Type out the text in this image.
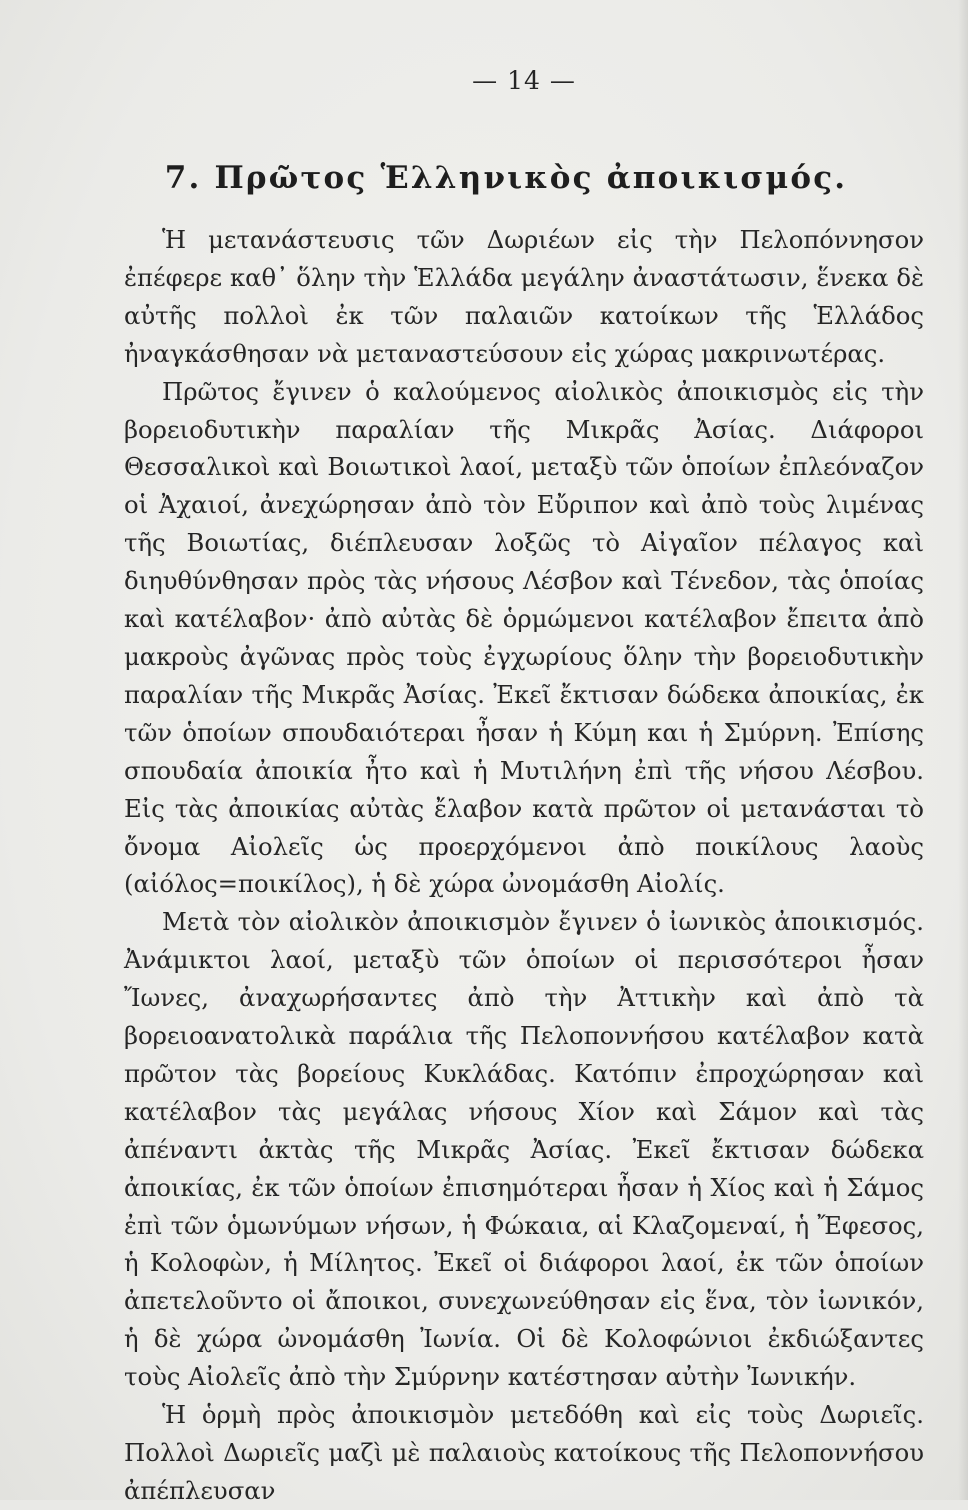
— 14 —
7. Πρῶτος Ἑλληνικὸς ἀποικισμός.

Ἡ μετανάστευσις τῶν Δωριέων εἰς τὴν Πελοπόννησον ἐπέφερε καθ᾽ ὅλην τὴν Ἑλλάδα μεγάλην ἀναστάτωσιν, ἕνεκα δὲ αὐτῆς πολλοὶ ἐκ τῶν παλαιῶν κατοίκων τῆς Ἑλλάδος ἠναγκάσθησαν νὰ μεταναστεύσουν εἰς χώρας μακρινωτέρας.

Πρῶτος ἔγινεν ὁ καλούμενος αἰολικὸς ἀποικισμὸς εἰς τὴν βορειοδυτικὴν παραλίαν τῆς Μικρᾶς Ἀσίας. Διάφοροι Θεσσαλικοὶ καὶ Βοιωτικοὶ λαοί, μεταξὺ τῶν ὁποίων ἐπλεόναζον οἱ Ἀχαιοί, ἀνεχώρησαν ἀπὸ τὸν Εὔριπον καὶ ἀπὸ τοὺς λιμένας τῆς Βοιωτίας, διέπλευσαν λοξῶς τὸ Αἰγαῖον πέλαγος καὶ διηυθύνθησαν πρὸς τὰς νήσους Λέσβον καὶ Τένεδον, τὰς ὁποίας καὶ κατέλαβον· ἀπὸ αὐτὰς δὲ ὁρμώμενοι κατέλαβον ἔπειτα ἀπὸ μακροὺς ἀγῶνας πρὸς τοὺς ἐγχωρίους ὅλην τὴν βορειοδυτικὴν παραλίαν τῆς Μικρᾶς Ἀσίας. Ἐκεῖ ἔκτισαν δώδεκα ἀποικίας, ἐκ τῶν ὁποίων σπουδαιότεραι ἦσαν ἡ Κύμη και ἡ Σμύρνη. Ἐπίσης σπουδαία ἀποικία ἦτο καὶ ἡ Μυτιλήνη ἐπὶ τῆς νήσου Λέσβου. Εἰς τὰς ἀποικίας αὐτὰς ἔλαβον κατὰ πρῶτον οἱ μετανάσται τὸ ὄνομα Αἰολεῖς ὡς προερχόμενοι ἀπὸ ποικίλους λαοὺς (αἰόλος=ποικίλος), ἡ δὲ χώρα ὠνομάσθη Αἰολίς.

Μετὰ τὸν αἰολικὸν ἀποικισμὸν ἔγινεν ὁ ἰωνικὸς ἀποικισμός. Ἀνάμικτοι λαοί, μεταξὺ τῶν ὁποίων οἱ περισσότεροι ἦσαν Ἴωνες, ἀναχωρήσαντες ἀπὸ τὴν Ἀττικὴν καὶ ἀπὸ τὰ βορειοανατολικὰ παράλια τῆς Πελοποννήσου κατέλαβον κατὰ πρῶτον τὰς βορείους Κυκλάδας. Κατόπιν ἐπροχώρησαν καὶ κατέλαβον τὰς μεγάλας νήσους Χίον καὶ Σάμον καὶ τὰς ἀπέναντι ἀκτὰς τῆς Μικρᾶς Ἀσίας. Ἐκεῖ ἔκτισαν δώδεκα ἀποικίας, ἐκ τῶν ὁποίων ἐπισημότεραι ἦσαν ἡ Χίος καὶ ἡ Σάμος ἐπὶ τῶν ὁμωνύμων νήσων, ἡ Φώκαια, αἱ Κλαζομεναί, ἡ Ἔφεσος, ἡ Κολοφὼν, ἡ Μίλητος. Ἐκεῖ οἱ διάφοροι λαοί, ἐκ τῶν ὁποίων ἀπετελοῦντο οἱ ἄποικοι, συνεχωνεύθησαν εἰς ἕνα, τὸν ἰωνικόν, ἡ δὲ χώρα ὠνομάσθη Ἰωνία. Οἱ δὲ Κολοφώνιοι ἐκδιώξαντες τοὺς Αἰολεῖς ἀπὸ τὴν Σμύρνην κατέστησαν αὐτὴν Ἰωνικήν.

Ἡ ὁρμὴ πρὸς ἀποικισμὸν μετεδόθη καὶ εἰς τοὺς Δωριεῖς. Πολλοὶ Δωριεῖς μαζὶ μὲ παλαιοὺς κατοίκους τῆς Πελοποννήσου ἀπέπλευσαν
